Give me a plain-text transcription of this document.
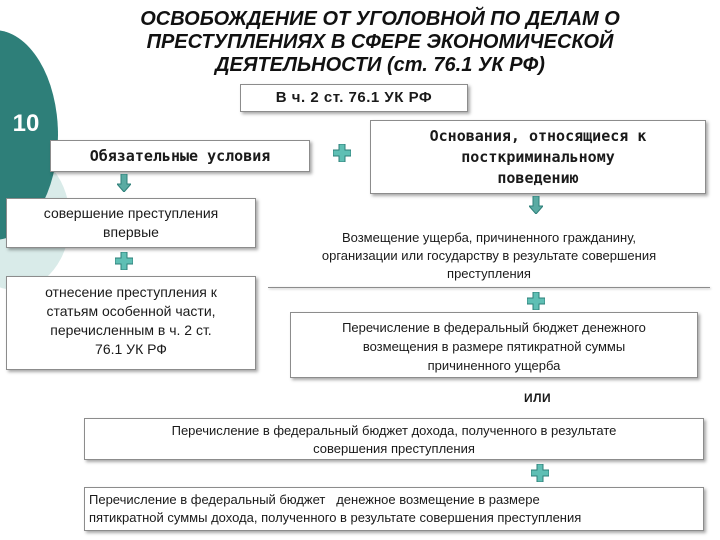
10
ОСВОБОЖДЕНИЕ ОТ УГОЛОВНОЙ ПО ДЕЛАМ О
ПРЕСТУПЛЕНИЯХ В СФЕРЕ ЭКОНОМИЧЕСКОЙ
ДЕЯТЕЛЬНОСТИ (ст. 76.1 УК РФ)
В ч. 2 ст. 76.1 УК РФ
Обязательные условия
совершение преступления
впервые
отнесение преступления к
статьям особенной части,
перечисленным в ч. 2 ст.
76.1 УК РФ
Основания, относящиеся к
посткриминальному
поведению
Возмещение ущерба, причиненного гражданину,
организации или государству в результате совершения
преступления
Перечисление в федеральный бюджет денежного
возмещения в размере пятикратной суммы
причиненного ущерба
ИЛИ
Перечисление в федеральный бюджет дохода, полученного в результате
совершения преступления
Перечисление в федеральный бюджет   денежное возмещение в размере
пятикратной суммы дохода, полученного в результате совершения преступления
